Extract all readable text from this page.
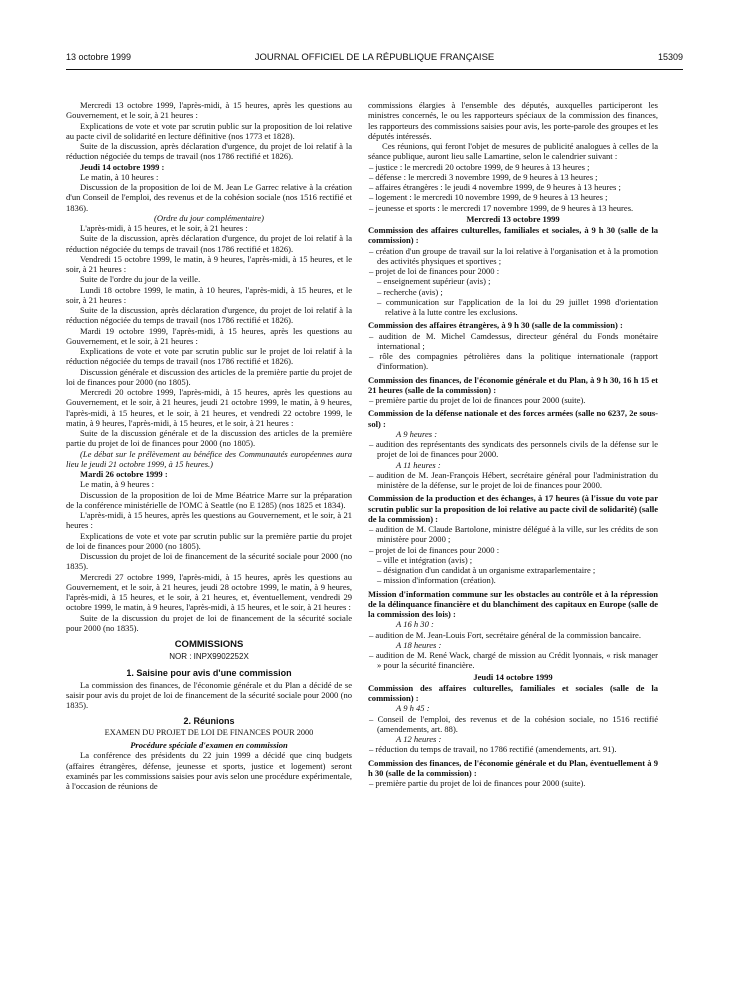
13 octobre 1999	JOURNAL OFFICIEL DE LA RÉPUBLIQUE FRANÇAISE	15309

Mercredi 13 octobre 1999, l'après-midi, à 15 heures, après les questions au Gouvernement, et le soir, à 21 heures :

Explications de vote et vote par scrutin public sur la proposition de loi relative au pacte civil de solidarité en lecture définitive (nos 1773 et 1828).

Suite de la discussion, après déclaration d'urgence, du projet de loi relatif à la réduction négociée du temps de travail (nos 1786 rectifié et 1826).

Jeudi 14 octobre 1999 :

Le matin, à 10 heures :

Discussion de la proposition de loi de M. Jean Le Garrec relative à la création d'un Conseil de l'emploi, des revenus et de la cohésion sociale (nos 1516 rectifié et 1836).

(Ordre du jour complémentaire)

L'après-midi, à 15 heures, et le soir, à 21 heures :

Suite de la discussion, après déclaration d'urgence, du projet de loi relatif à la réduction négociée du temps de travail (nos 1786 rectifié et 1826).

Vendredi 15 octobre 1999, le matin, à 9 heures, l'après-midi, à 15 heures, et le soir, à 21 heures :

Suite de l'ordre du jour de la veille.

Lundi 18 octobre 1999, le matin, à 10 heures, l'après-midi, à 15 heures, et le soir, à 21 heures :

Suite de la discussion, après déclaration d'urgence, du projet de loi relatif à la réduction négociée du temps de travail (nos 1786 rectifié et 1826).

Mardi 19 octobre 1999, l'après-midi, à 15 heures, après les questions au Gouvernement, et le soir, à 21 heures :

Explications de vote et vote par scrutin public sur le projet de loi relatif à la réduction négociée du temps de travail (nos 1786 rectifié et 1826).

Discussion générale et discussion des articles de la première partie du projet de loi de finances pour 2000 (no 1805).

Mercredi 20 octobre 1999, l'après-midi, à 15 heures, après les questions au Gouvernement, et le soir, à 21 heures, jeudi 21 octobre 1999, le matin, à 9 heures, l'après-midi, à 15 heures, et le soir, à 21 heures, et vendredi 22 octobre 1999, le matin, à 9 heures, l'après-midi, à 15 heures, et le soir, à 21 heures :

Suite de la discussion générale et de la discussion des articles de la première partie du projet de loi de finances pour 2000 (no 1805).

(Le débat sur le prélèvement au bénéfice des Communautés européennes aura lieu le jeudi 21 octobre 1999, à 15 heures.)

Mardi 26 octobre 1999 :

Le matin, à 9 heures :

Discussion de la proposition de loi de Mme Béatrice Marre sur la préparation de la conférence ministérielle de l'OMC à Seattle (no E 1285) (nos 1825 et 1834).

L'après-midi, à 15 heures, après les questions au Gouvernement, et le soir, à 21 heures :

Explications de vote et vote par scrutin public sur la première partie du projet de loi de finances pour 2000 (no 1805).

Discussion du projet de loi de financement de la sécurité sociale pour 2000 (no 1835).

Mercredi 27 octobre 1999, l'après-midi, à 15 heures, après les questions au Gouvernement, et le soir, à 21 heures, jeudi 28 octobre 1999, le matin, à 9 heures, l'après-midi, à 15 heures, et le soir, à 21 heures, et, éventuellement, vendredi 29 octobre 1999, le matin, à 9 heures, l'après-midi, à 15 heures, et le soir, à 21 heures :

Suite de la discussion du projet de loi de financement de la sécurité sociale pour 2000 (no 1835).

COMMISSIONS

NOR : INPX9902252X

1. Saisine pour avis d'une commission

La commission des finances, de l'économie générale et du Plan a décidé de se saisir pour avis du projet de loi de financement de la sécurité sociale pour 2000 (no 1835).

2. Réunions

EXAMEN DU PROJET DE LOI DE FINANCES POUR 2000

Procédure spéciale d'examen en commission

La conférence des présidents du 22 juin 1999 a décidé que cinq budgets (affaires étrangères, défense, jeunesse et sports, justice et logement) seront examinés par les commissions saisies pour avis selon une procédure expérimentale, à l'occasion de réunions de

commissions élargies à l'ensemble des députés, auxquelles participeront les ministres concernés, le ou les rapporteurs spéciaux de la commission des finances, les rapporteurs des commissions saisies pour avis, les porte-parole des groupes et les députés intéressés.

Ces réunions, qui feront l'objet de mesures de publicité analogues à celles de la séance publique, auront lieu salle Lamartine, selon le calendrier suivant :

– justice : le mercredi 20 octobre 1999, de 9 heures à 13 heures ;

– défense : le mercredi 3 novembre 1999, de 9 heures à 13 heures ;

– affaires étrangères : le jeudi 4 novembre 1999, de 9 heures à 13 heures ;

– logement : le mercredi 10 novembre 1999, de 9 heures à 13 heures ;

– jeunesse et sports : le mercredi 17 novembre 1999, de 9 heures à 13 heures.

Mercredi 13 octobre 1999

Commission des affaires culturelles, familiales et sociales, à 9 h 30 (salle de la commission) :

– création d'un groupe de travail sur la loi relative à l'organisation et à la promotion des activités physiques et sportives ;

– projet de loi de finances pour 2000 :

– enseignement supérieur (avis) ;

– recherche (avis) ;

– communication sur l'application de la loi du 29 juillet 1998 d'orientation relative à la lutte contre les exclusions.

Commission des affaires étrangères, à 9 h 30 (salle de la commission) :

– audition de M. Michel Camdessus, directeur général du Fonds monétaire international ;

– rôle des compagnies pétrolières dans la politique internationale (rapport d'information).

Commission des finances, de l'économie générale et du Plan, à 9 h 30, 16 h 15 et 21 heures (salle de la commission) :

– première partie du projet de loi de finances pour 2000 (suite).

Commission de la défense nationale et des forces armées (salle no 6237, 2e sous-sol) :

A 9 heures :

– audition des représentants des syndicats des personnels civils de la défense sur le projet de loi de finances pour 2000.

A 11 heures :

– audition de M. Jean-François Hébert, secrétaire général pour l'administration du ministère de la défense, sur le projet de loi de finances pour 2000.

Commission de la production et des échanges, à 17 heures (à l'issue du vote par scrutin public sur la proposition de loi relative au pacte civil de solidarité) (salle de la commission) :

– audition de M. Claude Bartolone, ministre délégué à la ville, sur les crédits de son ministère pour 2000 ;

– projet de loi de finances pour 2000 :

– ville et intégration (avis) ;

– désignation d'un candidat à un organisme extraparlementaire ;

– mission d'information (création).

Mission d'information commune sur les obstacles au contrôle et à la répression de la délinquance financière et du blanchiment des capitaux en Europe (salle de la commission des lois) :

A 16 h 30 :

– audition de M. Jean-Louis Fort, secrétaire général de la commission bancaire.

A 18 heures :

– audition de M. René Wack, chargé de mission au Crédit lyonnais, « risk manager » pour la sécurité financière.

Jeudi 14 octobre 1999

Commission des affaires culturelles, familiales et sociales (salle de la commission) :

A 9 h 45 :

– Conseil de l'emploi, des revenus et de la cohésion sociale, no 1516 rectifié (amendements, art. 88).

A 12 heures :

– réduction du temps de travail, no 1786 rectifié (amendements, art. 91).

Commission des finances, de l'économie générale et du Plan, éventuellement à 9 h 30 (salle de la commission) :

– première partie du projet de loi de finances pour 2000 (suite).
